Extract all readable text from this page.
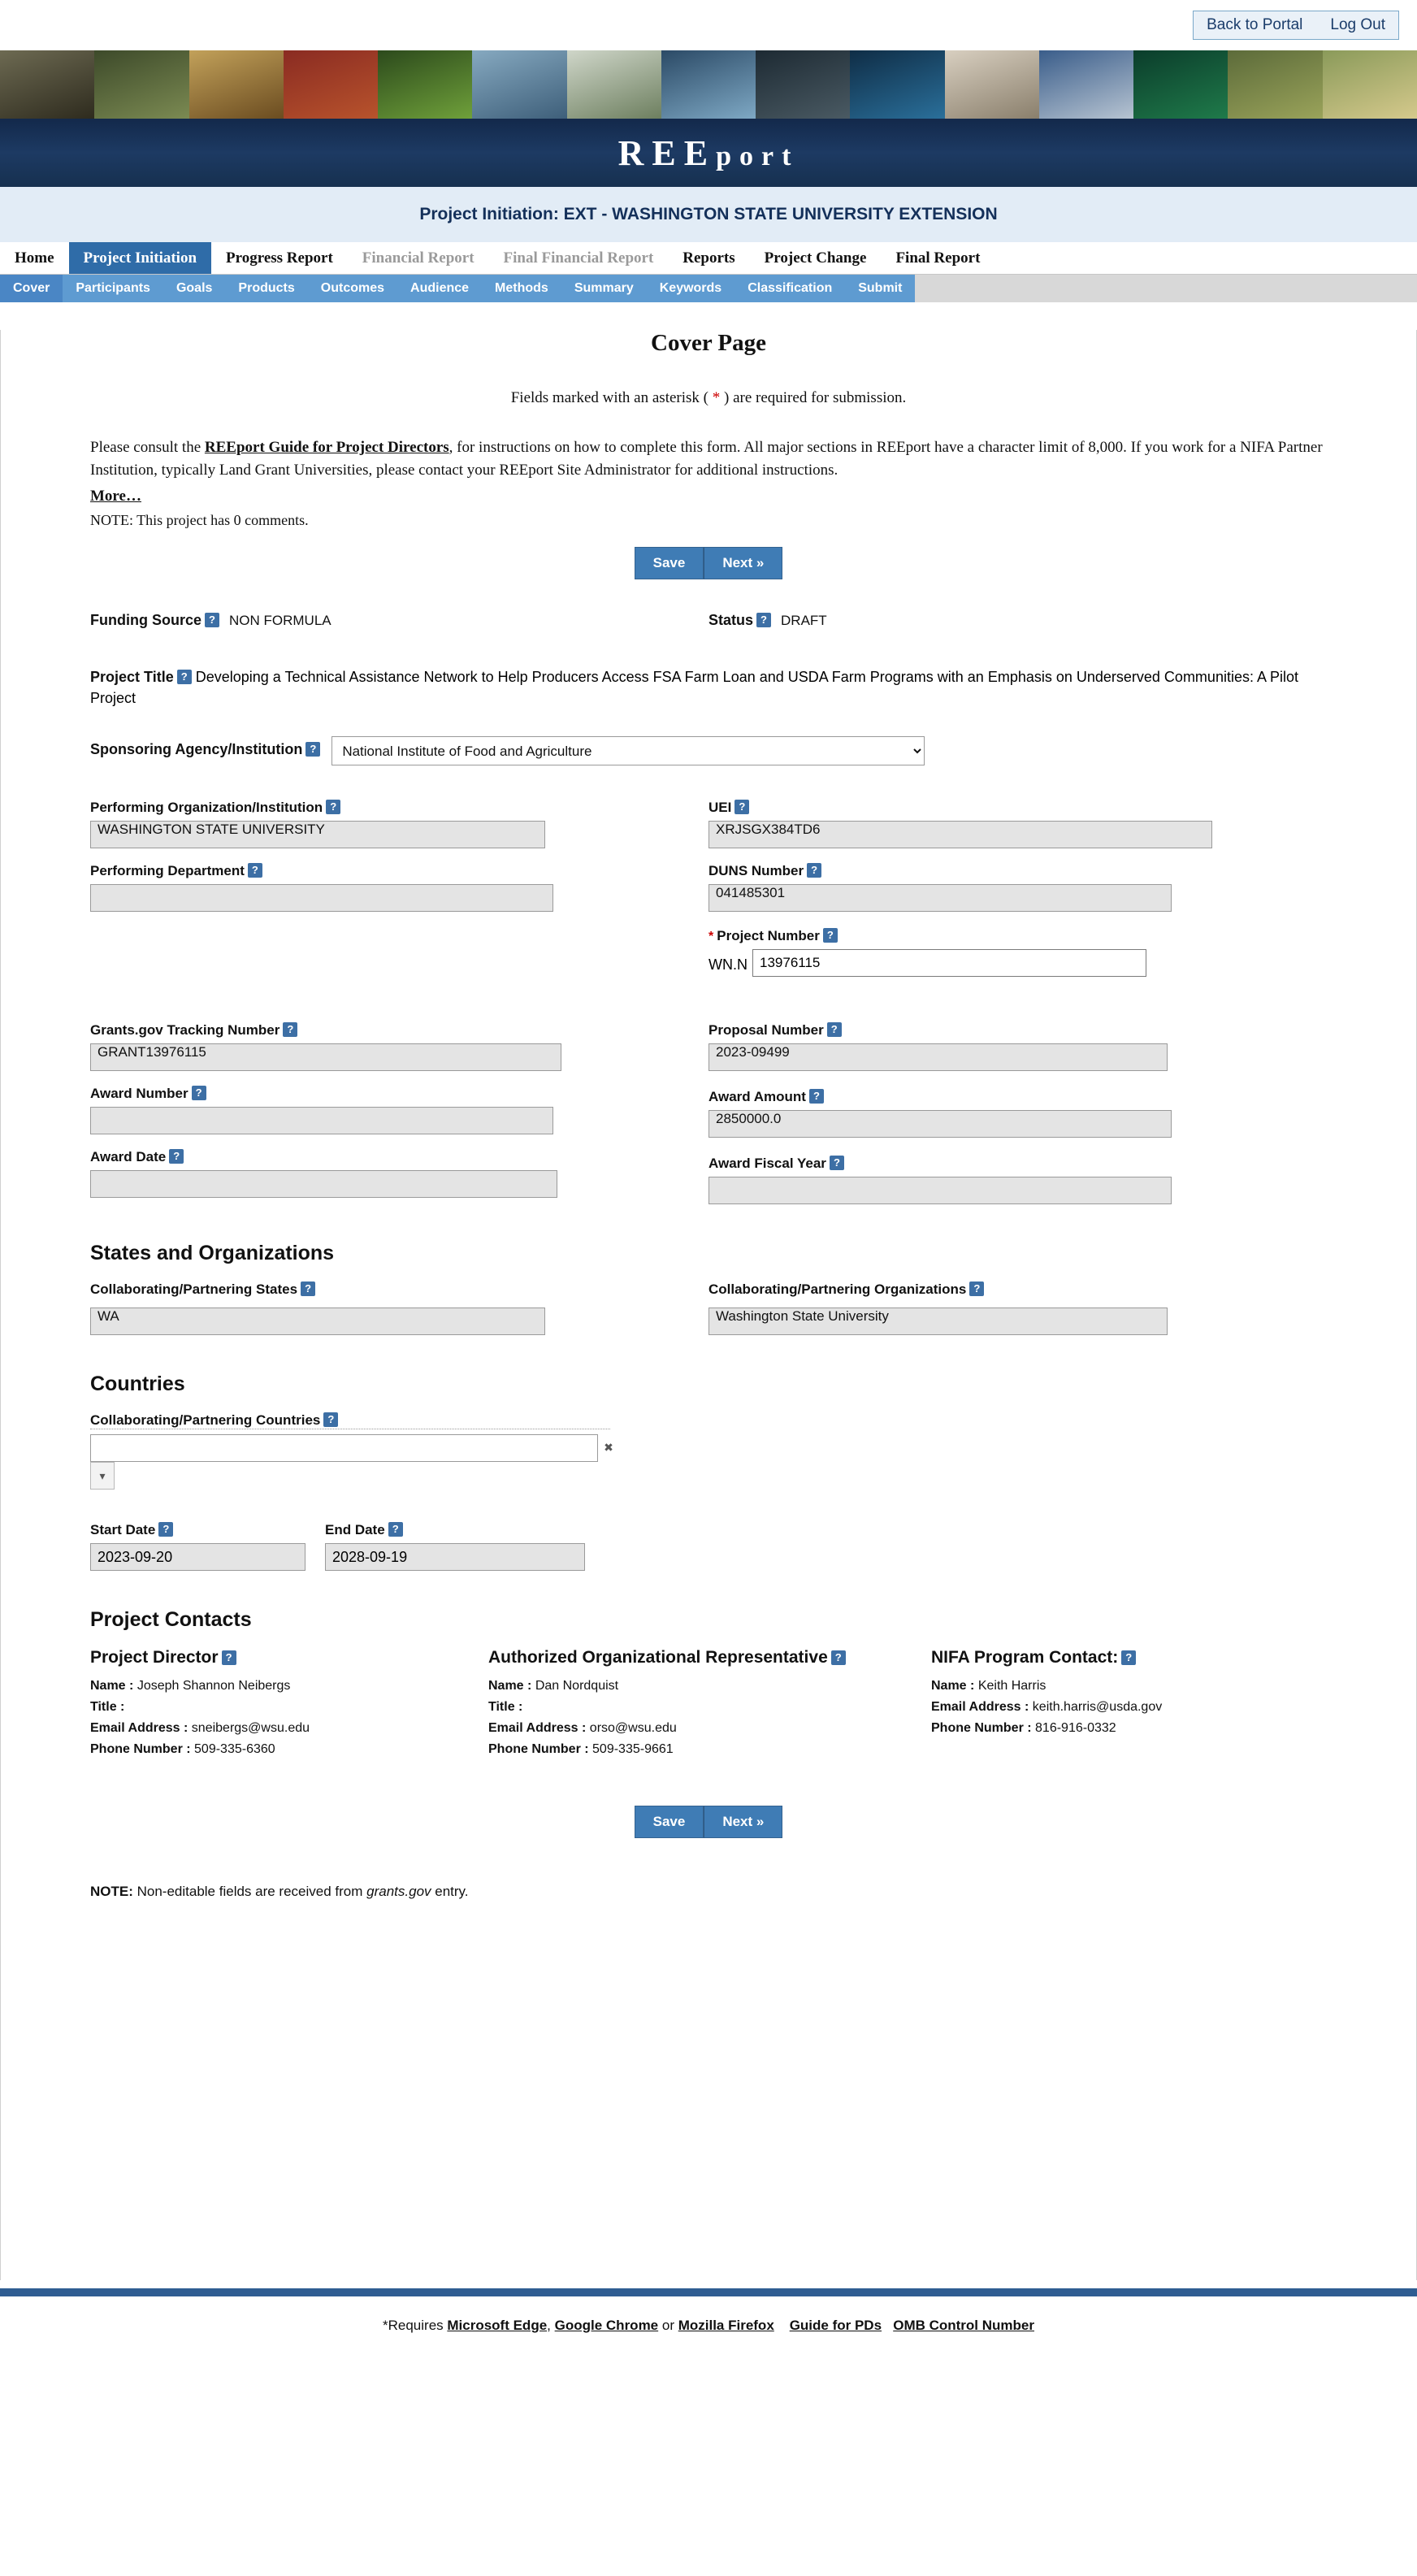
Back to Portal Log Out
REEport
Project Initiation: EXT - WASHINGTON STATE UNIVERSITY EXTENSION
Home	Project Initiation	Progress Report	Financial Report	Final Financial Report	Reports	Project Change	Final Report
Cover	Participants	Goals	Products	Outcomes	Audience	Methods	Summary	Keywords	Classification	Submit
Cover Page
Fields marked with an asterisk ( * ) are required for submission.
Please consult the REEport Guide for Project Directors, for instructions on how to complete this form. All major sections in REEport have a character limit of 8,000. If you work for a NIFA Partner Institution, typically Land Grant Universities, please contact your REEport Site Administrator for additional instructions.
More…
NOTE: This project has 0 comments.
Save	Next »
Funding Source ? NON FORMULA	Status ? DRAFT
Project Title ? Developing a Technical Assistance Network to Help Producers Access FSA Farm Loan and USDA Farm Programs with an Emphasis on Underserved Communities: A Pilot Project
Sponsoring Agency/Institution ?
National Institute of Food and Agriculture
Performing Organization/Institution ?
WASHINGTON STATE UNIVERSITY
Performing Department ?
UEI ?
XRJSGX384TD6
DUNS Number ?
041485301
* Project Number ?
WN.N
13976115
Grants.gov Tracking Number ?
GRANT13976115
Award Number ?
Award Date ?
Proposal Number ?
2023-09499
Award Amount ?
2850000.0
Award Fiscal Year ?
States and Organizations
Collaborating/Partnering States ?
WA
Collaborating/Partnering Organizations ?
Washington State University
Countries
Collaborating/Partnering Countries ?
✖▾
Start Date ?
2023-09-20
End Date ?
2028-09-19
Project Contacts
Project Director ?
Name : Joseph Shannon Neibergs
Title :
Email Address : sneibergs@wsu.edu
Phone Number : 509-335-6360
Authorized Organizational Representative ?
Name : Dan Nordquist
Title :
Email Address : orso@wsu.edu
Phone Number : 509-335-9661
NIFA Program Contact: ?
Name : Keith Harris
Email Address : keith.harris@usda.gov
Phone Number : 816-916-0332
Save	Next »
NOTE: Non-editable fields are received from grants.gov entry.
*Requires Microsoft Edge, Google Chrome or Mozilla Firefox Guide for PDs OMB Control Number
